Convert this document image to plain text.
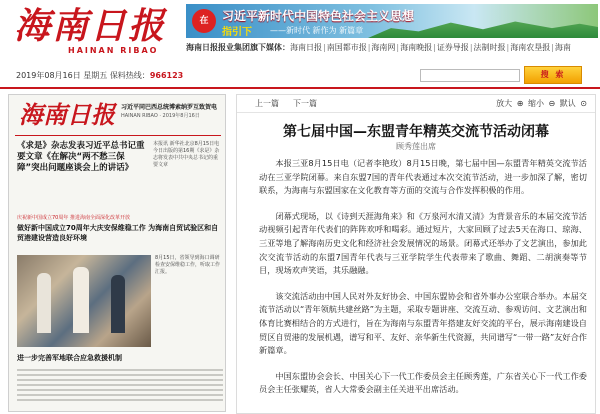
海南日报
HAINAN RIBAO
在	习近平新时代中国特色社会主义思想
指引下 ——新时代 新作为 新篇章
海南日报报业集团旗下媒体：海南日报|南国都市报|海南网|海南晚报|证券导报|法制时报|海南农垦报|海南
2019年08月16日 星期五 保料热线：966123	搜 索
海南日报 习近平同巴西总统博索纳罗互致贺电
HAINAN RIBAO · 2019年8月16日
《求是》杂志发表习近平总书记重要文章《在解决“两不愁三保障”突出问题座谈会上的讲话》
本报讯 新华社北京8月15日电 今日出版的第16期《求是》杂志将发表中共中央总书记的重要文章
庆祝新中国成立70周年 推进海南全面深化改革开放
做好新中国成立70周年大庆安保维稳工作 为海南自贸试验区和自贸港建设营造良好环境
8月15日，省领导到海口调研检查安保维稳工作，听取工作汇报。
进一步完善军地联合应急救援机制
上一篇 下一篇	放大 ⊕ 缩小 ⊖ 默认 ⊙
第七届中国—东盟青年精英交流节活动闭幕
顾秀莲出席

本报三亚8月15日电（记者李艳玫）8月15日晚，第七届中国—东盟青年精英交流节活动在三亚学院闭幕。来自东盟7国的青年代表通过本次交流节活动，进一步加深了解，密切联系，为海南与东盟国家在文化教育等方面的交流与合作发挥积极的作用。

闭幕式现场，以《诗到天涯海角来》和《万泉河水清又清》为背景音乐的本届交流节活动视频引起青年代表们的阵阵欢呼和喝彩。通过短片，大家回顾了过去5天在海口、琼海、三亚等地了解海南历史文化和经济社会发展情况的场景。闭幕式还举办了文艺演出，参加此次交流节活动的东盟7国青年代表与三亚学院学生代表带来了歌曲、舞蹈、二胡演奏等节目，现场欢声笑语，其乐融融。

该交流活动由中国人民对外友好协会、中国东盟协会和省外事办公室联合举办。本届交流节活动以“青年领航共建丝路”为主题，采取专题讲座、交流互动、参观访问、文艺演出和体育比赛相结合的方式进行，旨在为海南与东盟青年搭建友好交流的平台，展示海南建设自贸区自贸港的发展机遇，谱写和平、友好、亲华新生代资源，共同谱写“一带一路”友好合作新篇章。

中国东盟协会会长、中国关心下一代工作委员会主任顾秀莲，广东省关心下一代工作委员会主任张耀英，省人大常委会副主任关进平出席活动。
